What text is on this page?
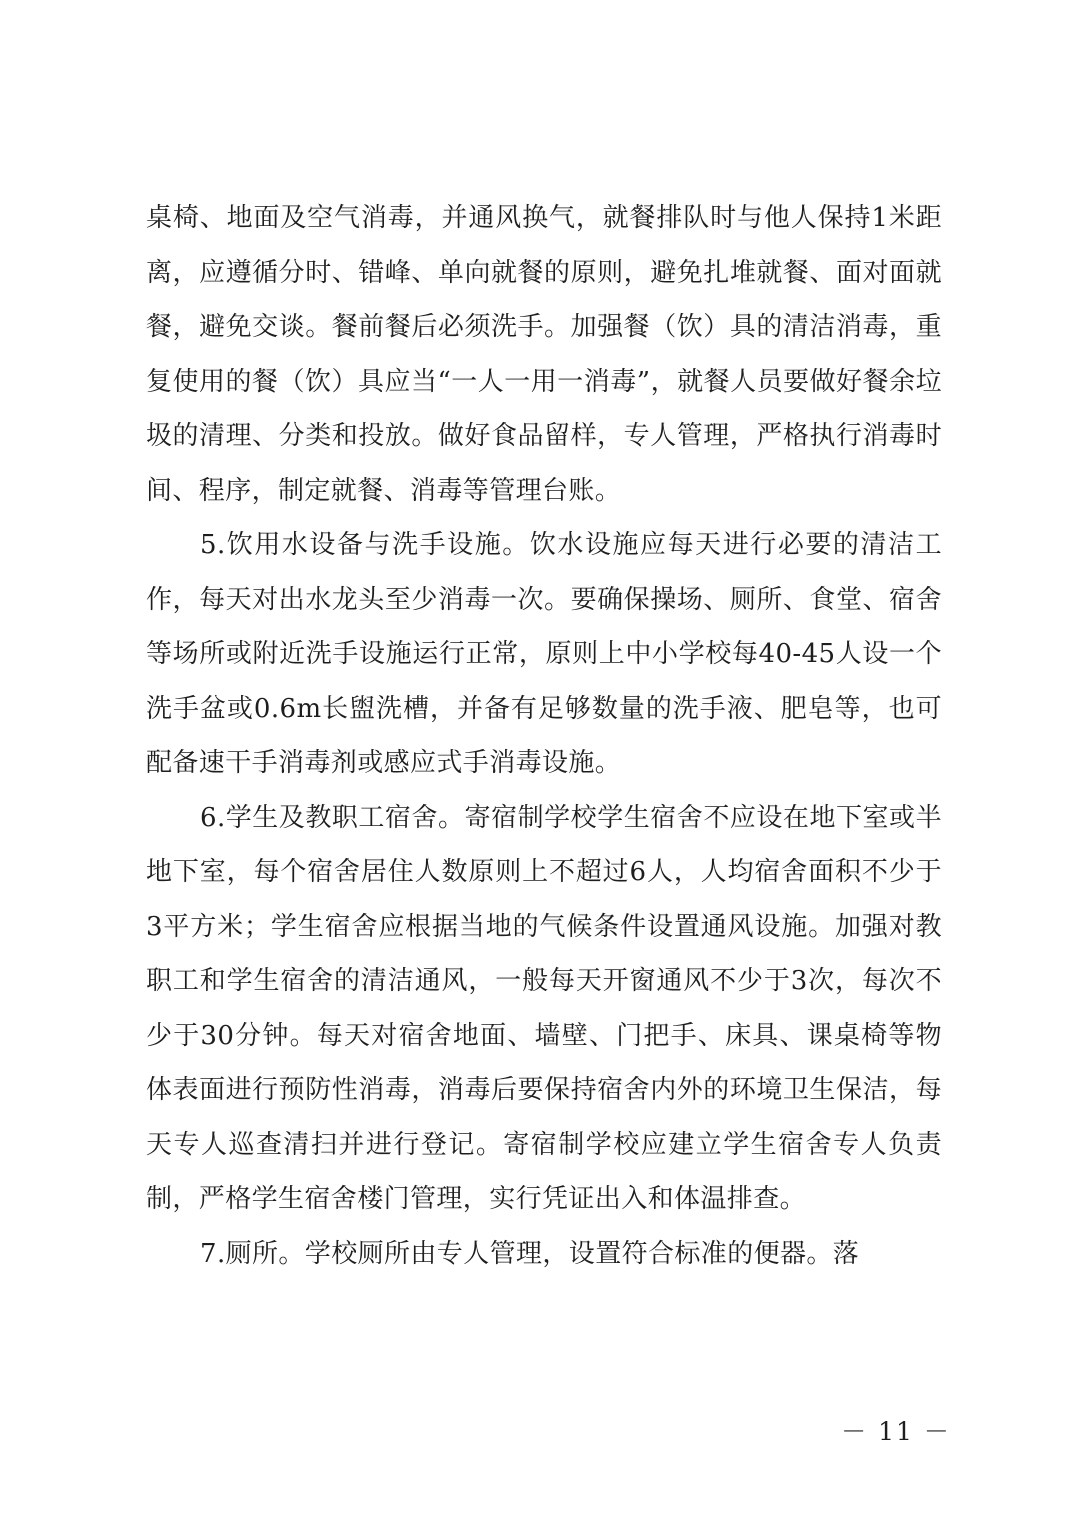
桌椅、地面及空气消毒，并通风换气，就餐排队时与他人保持1米距离，应遵循分时、错峰、单向就餐的原则，避免扎堆就餐、面对面就餐，避免交谈。餐前餐后必须洗手。加强餐（饮）具的清洁消毒，重复使用的餐（饮）具应当“一人一用一消毒”，就餐人员要做好餐余垃圾的清理、分类和投放。做好食品留样，专人管理，严格执行消毒时间、程序，制定就餐、消毒等管理台账。

5.饮用水设备与洗手设施。饮水设施应每天进行必要的清洁工作，每天对出水龙头至少消毒一次。要确保操场、厕所、食堂、宿舍等场所或附近洗手设施运行正常，原则上中小学校每40-45人设一个洗手盆或0.6m长盥洗槽，并备有足够数量的洗手液、肥皂等，也可配备速干手消毒剂或感应式手消毒设施。

6.学生及教职工宿舍。寄宿制学校学生宿舍不应设在地下室或半地下室，每个宿舍居住人数原则上不超过6人，人均宿舍面积不少于3平方米；学生宿舍应根据当地的气候条件设置通风设施。加强对教职工和学生宿舍的清洁通风，一般每天开窗通风不少于3次，每次不少于30分钟。每天对宿舍地面、墙壁、门把手、床具、课桌椅等物体表面进行预防性消毒，消毒后要保持宿舍内外的环境卫生保洁，每天专人巡查清扫并进行登记。寄宿制学校应建立学生宿舍专人负责制，严格学生宿舍楼门管理，实行凭证出入和体温排查。

7.厕所。学校厕所由专人管理，设置符合标准的便器。落

－ 11 －
